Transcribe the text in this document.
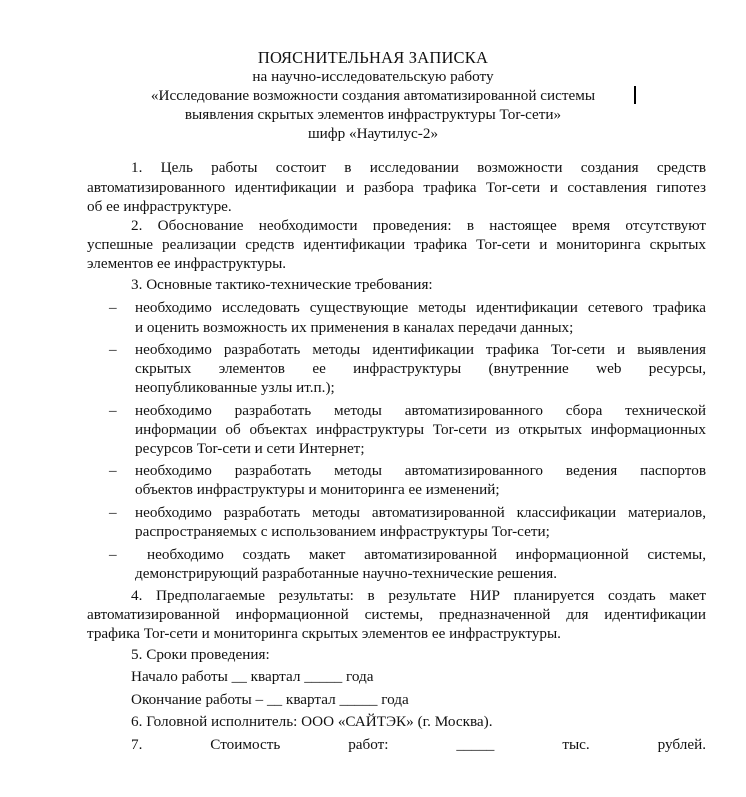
ПОЯСНИТЕЛЬНАЯ ЗАПИСКА
на научно-исследовательскую работу
«Исследование возможности создания автоматизированной системы
выявления скрытых элементов инфраструктуры Tor-сети»
шифр «Наутилус-2»
1. Цель работы состоит в исследовании возможности создания средств
автоматизированного идентификации и разбора трафика Tor-сети и составления гипотез
об ее инфраструктуре.
2. Обоснование необходимости проведения: в настоящее время отсутствуют
успешные реализации средств идентификации трафика Tor-сети и мониторинга скрытых
элементов ее инфраструктуры.
3. Основные тактико-технические требования:
– необходимо исследовать существующие методы идентификации сетевого трафика
и оценить возможность их применения в каналах передачи данных;
– необходимо разработать методы идентификации трафика Tor-сети и выявления
скрытых элементов ее инфраструктуры (внутренние web ресурсы,
неопубликованные узлы ит.п.);
– необходимо разработать методы автоматизированного сбора технической
информации об объектах инфраструктуры Tor-сети из открытых информационных
ресурсов Tor-сети и сети Интернет;
– необходимо разработать методы автоматизированного ведения паспортов
объектов инфраструктуры и мониторинга ее изменений;
– необходимо разработать методы автоматизированной классификации материалов,
распространяемых с использованием инфраструктуры Tor-сети;
– необходимо создать макет автоматизированной информационной системы,
демонстрирующий разработанные научно-технические решения.
4. Предполагаемые результаты: в результате НИР планируется создать макет
автоматизированной информационной системы, предназначенной для идентификации
трафика Tor-сети и мониторинга скрытых элементов ее инфраструктуры.
5. Сроки проведения:
Начало работы __ квартал _____ года
Окончание работы – __ квартал _____ года
6. Головной исполнитель: ООО «САЙТЭК» (г. Москва).
7. Стоимость работ: _____ тыс. рублей.
